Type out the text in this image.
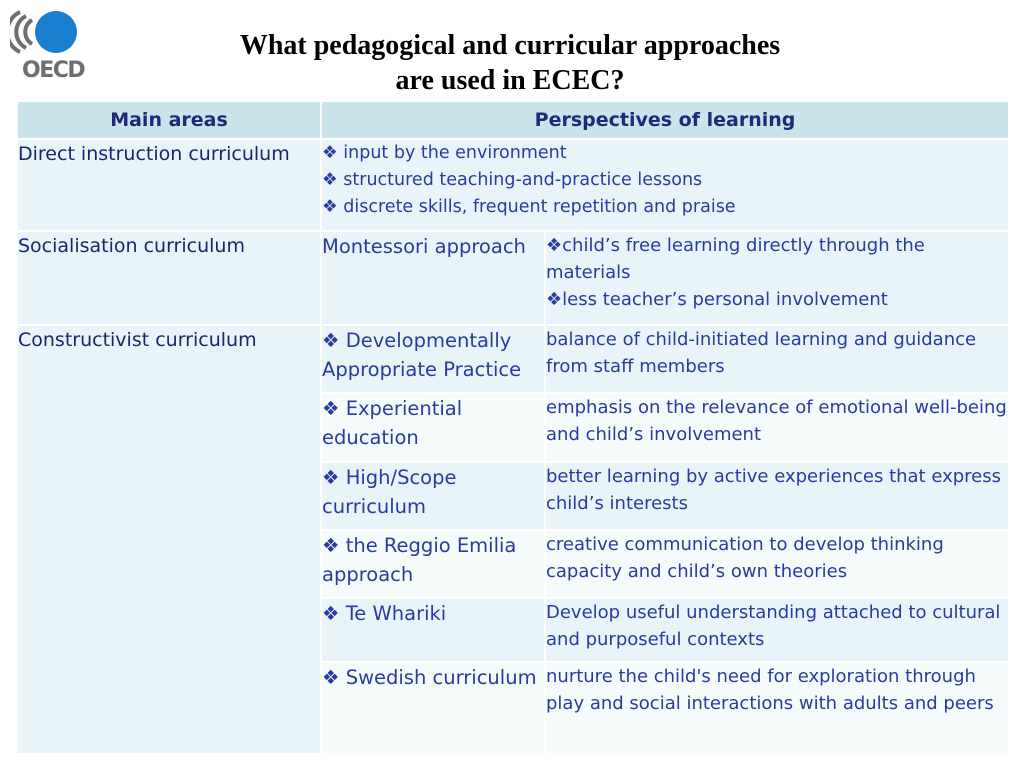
OECD
What pedagogical and curricular approaches
are used in ECEC?
Main areas	Perspectives of learning	
Direct instruction curriculum	❖ input by the environment
❖ structured teaching-and-practice lessons
❖ discrete skills, frequent repetition and praise	

Socialisation curriculum	Montessori approach	❖child’s free learning directly through the materials
❖less teacher’s personal involvement

Constructivist curriculum	❖ Developmentally Appropriate Practice	balance of child-initiated learning and guidance from staff members

	❖ Experiential education	emphasis on the relevance of emotional well-being and child’s involvement

	❖ High/Scope curriculum	better learning by active experiences that express child’s interests

	❖ the Reggio Emilia approach	creative communication to develop thinking capacity and child’s own theories

	❖ Te Whariki	Develop useful understanding attached to cultural and purposeful contexts

	❖ Swedish curriculum	nurture the child's need for exploration through play and social interactions with adults and peers
